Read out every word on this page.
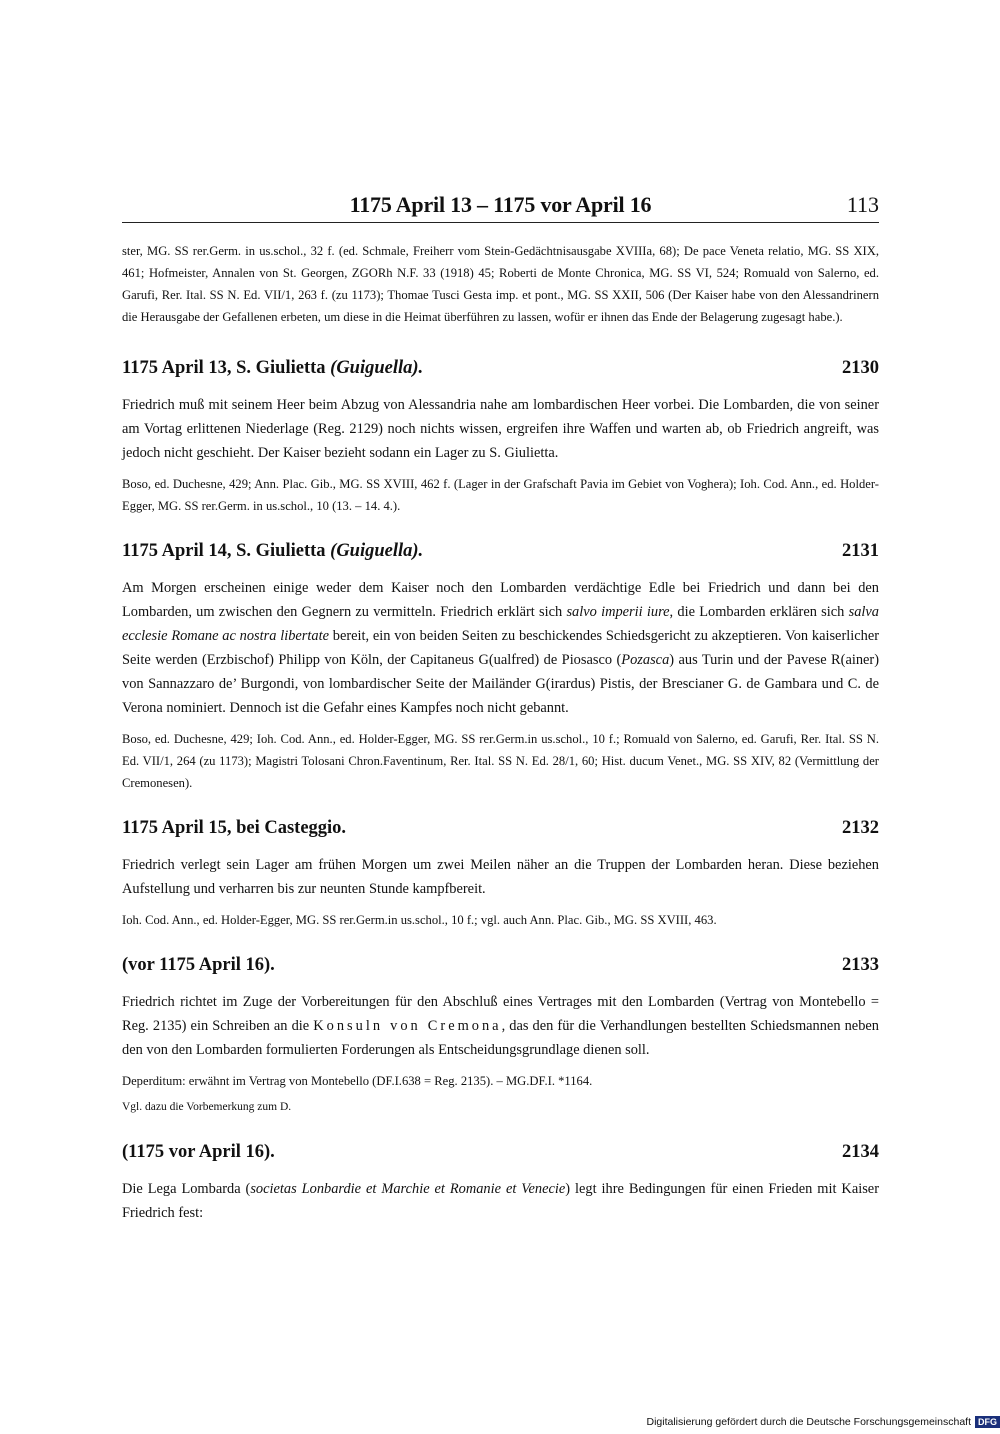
1175 April 13 – 1175 vor April 16	113

ster, MG. SS rer.Germ. in us.schol., 32 f. (ed. Schmale, Freiherr vom Stein-Gedächtnisausgabe XVIIIa, 68); De pace Veneta relatio, MG. SS XIX, 461; Hofmeister, Annalen von St. Georgen, ZGORh N.F. 33 (1918) 45; Roberti de Monte Chronica, MG. SS VI, 524; Romuald von Salerno, ed. Garufi, Rer. Ital. SS N. Ed. VII/1, 263 f. (zu 1173); Thomae Tusci Gesta imp. et pont., MG. SS XXII, 506 (Der Kaiser habe von den Alessandrinern die Herausgabe der Gefallenen erbeten, um diese in die Heimat überführen zu lassen, wofür er ihnen das Ende der Belagerung zugesagt habe.).

1175 April 13, S. Giulietta (Guiguella).	2130

Friedrich muß mit seinem Heer beim Abzug von Alessandria nahe am lombardischen Heer vorbei. Die Lombarden, die von seiner am Vortag erlittenen Niederlage (Reg. 2129) noch nichts wissen, ergreifen ihre Waffen und warten ab, ob Friedrich angreift, was jedoch nicht geschieht. Der Kaiser bezieht sodann ein Lager zu S. Giulietta.

Boso, ed. Duchesne, 429; Ann. Plac. Gib., MG. SS XVIII, 462 f. (Lager in der Grafschaft Pavia im Gebiet von Voghera); Ioh. Cod. Ann., ed. Holder-Egger, MG. SS rer.Germ. in us.schol., 10 (13. – 14. 4.).

1175 April 14, S. Giulietta (Guiguella).	2131

Am Morgen erscheinen einige weder dem Kaiser noch den Lombarden verdächtige Edle bei Friedrich und dann bei den Lombarden, um zwischen den Gegnern zu vermitteln. Friedrich erklärt sich salvo imperii iure, die Lombarden erklären sich salva ecclesie Romane ac nostra libertate bereit, ein von beiden Seiten zu beschickendes Schiedsgericht zu akzeptieren. Von kaiserlicher Seite werden (Erzbischof) Philipp von Köln, der Capitaneus G(ualfred) de Piosasco (Pozasca) aus Turin und der Pavese R(ainer) von Sannazzaro de’ Burgondi, von lombardischer Seite der Mailänder G(irardus) Pistis, der Brescianer G. de Gambara und C. de Verona nominiert. Dennoch ist die Gefahr eines Kampfes noch nicht gebannt.

Boso, ed. Duchesne, 429; Ioh. Cod. Ann., ed. Holder-Egger, MG. SS rer.Germ.in us.schol., 10 f.; Romuald von Salerno, ed. Garufi, Rer. Ital. SS N. Ed. VII/1, 264 (zu 1173); Magistri Tolosani Chron.Faventinum, Rer. Ital. SS N. Ed. 28/1, 60; Hist. ducum Venet., MG. SS XIV, 82 (Vermittlung der Cremonesen).

1175 April 15, bei Casteggio.	2132

Friedrich verlegt sein Lager am frühen Morgen um zwei Meilen näher an die Truppen der Lombarden heran. Diese beziehen Aufstellung und verharren bis zur neunten Stunde kampfbereit.

Ioh. Cod. Ann., ed. Holder-Egger, MG. SS rer.Germ.in us.schol., 10 f.; vgl. auch Ann. Plac. Gib., MG. SS XVIII, 463.

(vor 1175 April 16).	2133

Friedrich richtet im Zuge der Vorbereitungen für den Abschluß eines Vertrages mit den Lombarden (Vertrag von Montebello = Reg. 2135) ein Schreiben an die Konsuln von Cremona, das den für die Verhandlungen bestellten Schiedsmannen neben den von den Lombarden formulierten Forderungen als Entscheidungsgrundlage dienen soll.

Deperditum: erwähnt im Vertrag von Montebello (DF.I.638 = Reg. 2135). – MG.DF.I. *1164.

Vgl. dazu die Vorbemerkung zum D.

(1175 vor April 16).	2134

Die Lega Lombarda (societas Lonbardie et Marchie et Romanie et Venecie) legt ihre Bedingungen für einen Frieden mit Kaiser Friedrich fest:

Digitalisierung gefördert durch die Deutsche Forschungsgemeinschaft DFG
